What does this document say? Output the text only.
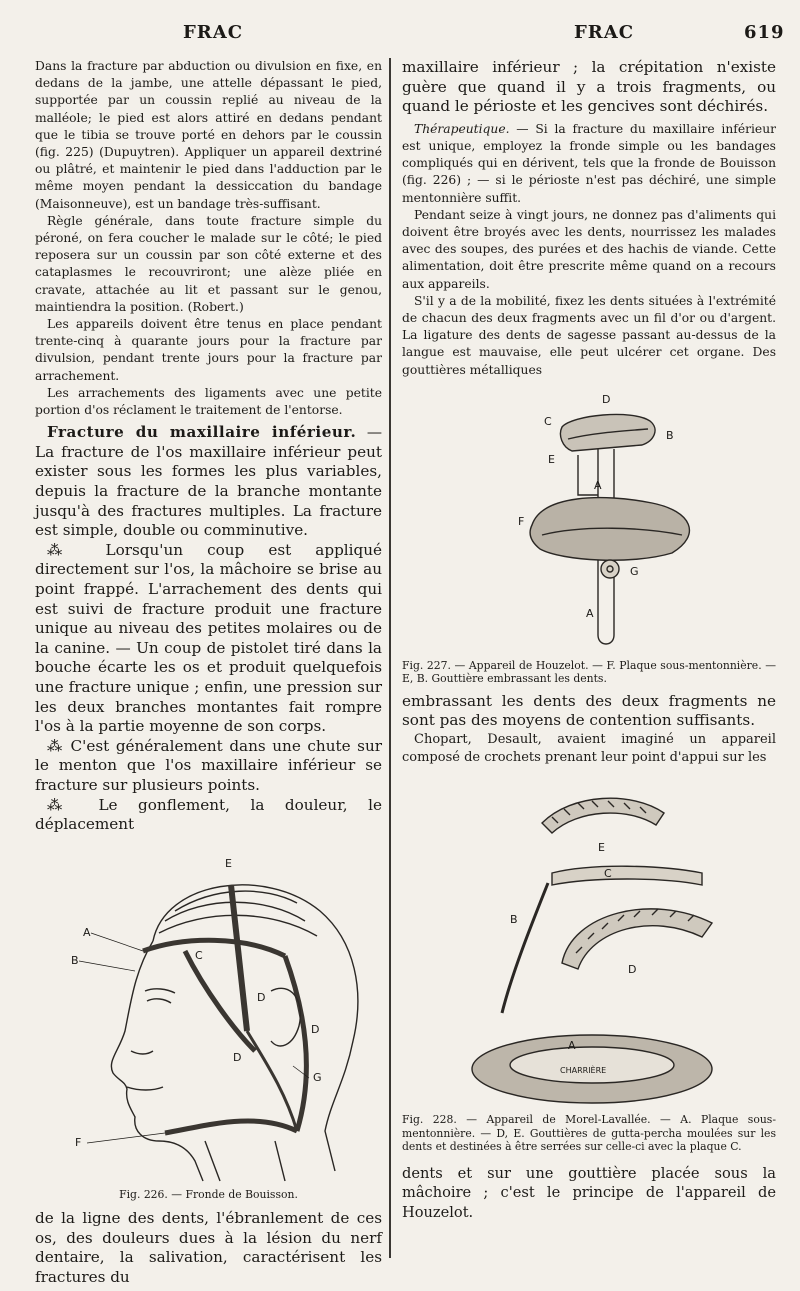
FRAC	FRAC	619

Dans la fracture par abduction ou divulsion en fixe, en dedans de la jambe, une attelle dépassant le pied, supportée par un coussin replié au niveau de la malléole; le pied est alors attiré en dedans pendant que le tibia se trouve porté en dehors par le coussin (fig. 225) (Dupuytren). Appliquer un appareil dextriné ou plâtré, et maintenir le pied dans l'adduction par le même moyen pendant la dessiccation du bandage (Maisonneuve), est un bandage très-suffisant.

Règle générale, dans toute fracture simple du péroné, on fera coucher le malade sur le côté; le pied reposera sur un coussin par son côté externe et des cataplasmes le recouvriront; une alèze pliée en cravate, attachée au lit et passant sur le genou, maintiendra la position. (Robert.)

Les appareils doivent être tenus en place pendant trente-cinq à quarante jours pour la fracture par divulsion, pendant trente jours pour la fracture par arrachement.

Les arrachements des ligaments avec une petite portion d'os réclament le traitement de l'entorse.

Fracture du maxillaire inférieur. — La fracture de l'os maxillaire inférieur peut exister sous les formes les plus variables, depuis la fracture de la branche montante jusqu'à des fractures multiples. La fracture est simple, double ou comminutive.

⁂ Lorsqu'un coup est appliqué directement sur l'os, la mâchoire se brise au point frappé. L'arrachement des dents qui est suivi de fracture produit une fracture unique au niveau des petites molaires ou de la canine. — Un coup de pistolet tiré dans la bouche écarte les os et produit quelquefois une fracture unique ; enfin, une pression sur les deux branches montantes fait rompre l'os à la partie moyenne de son corps.

⁂ C'est généralement dans une chute sur le menton que l'os maxillaire inférieur se fracture sur plusieurs points.

⁂ Le gonflement, la douleur, le déplacement

E
A
B	C
D
D
D
G
F
Fig. 226. — Fronde de Bouisson.

de la ligne des dents, l'ébranlement de ces os, des douleurs dues à la lésion du nerf dentaire, la salivation, caractérisent les fractures du

maxillaire inférieur ; la crépitation n'existe guère que quand il y a trois fragments, ou quand le périoste et les gencives sont déchirés.

Thérapeutique. — Si la fracture du maxillaire inférieur est unique, employez la fronde simple ou les bandages compliqués qui en dérivent, tels que la fronde de Bouisson (fig. 226) ; — si le périoste n'est pas déchiré, une simple mentonnière suffit.

Pendant seize à vingt jours, ne donnez pas d'aliments qui doivent être broyés avec les dents, nourrissez les malades avec des soupes, des purées et des hachis de viande. Cette alimentation, doit être prescrite même quand on a recours aux appareils.

S'il y a de la mobilité, fixez les dents situées à l'extrémité de chacun des deux fragments avec un fil d'or ou d'argent. La ligature des dents de sagesse passant au-dessus de la langue est mauvaise, elle peut ulcérer cet organe. Des gouttières métalliques

D
C
B
E
A
F
G
A
Fig. 227. — Appareil de Houzelot. — F. Plaque sous-mentonnière. — E, B. Gouttière embrassant les dents.

embrassant les dents des deux fragments ne sont pas des moyens de contention suffisants.

Chopart, Desault, avaient imaginé un appareil composé de crochets prenant leur point d'appui sur les

E
C
B
D
A
CHARRIÈRE
Fig. 228. — Appareil de Morel-Lavallée. — A. Plaque sous-mentonnière. — D, E. Gouttières de gutta-percha moulées sur les dents et destinées à être serrées sur celle-ci avec la plaque C.

dents et sur une gouttière placée sous la mâchoire ; c'est le principe de l'appareil de Houzelot.
